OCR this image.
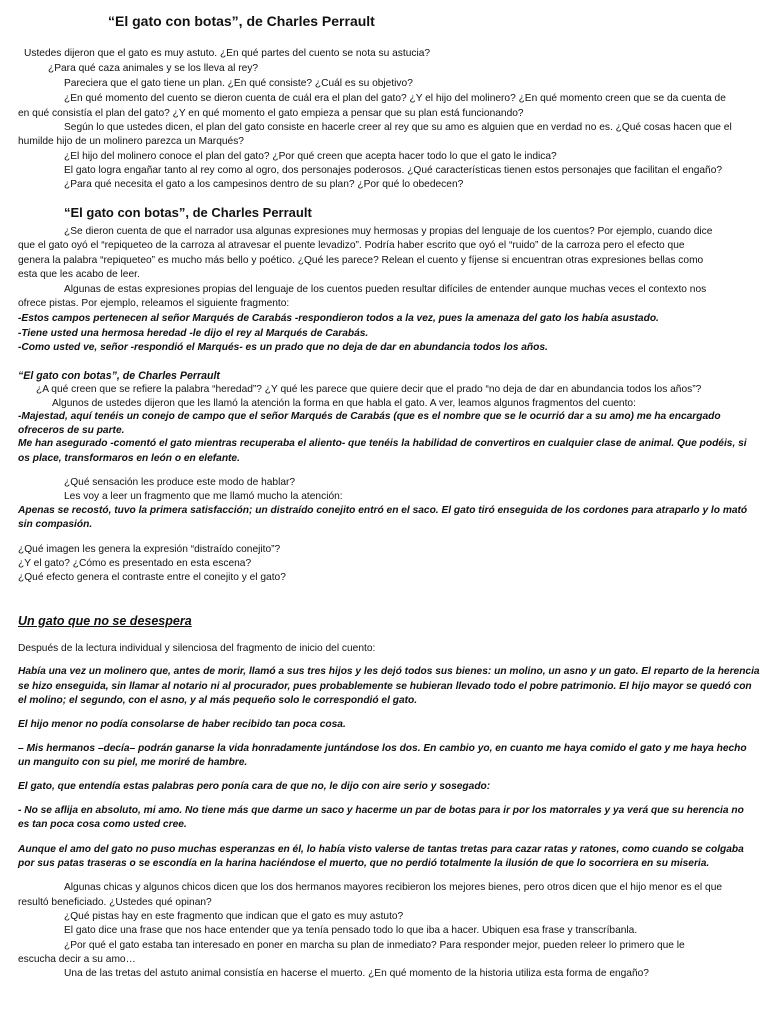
“El gato con botas”, de Charles Perrault
Ustedes dijeron que el gato es muy astuto. ¿En qué partes del cuento se nota su astucia?
¿Para qué caza animales y se los lleva al rey?
Pareciera que el gato tiene un plan. ¿En qué consiste? ¿Cuál es su objetivo?
¿En qué momento del cuento se dieron cuenta de cuál era el plan del gato? ¿Y el hijo del molinero? ¿En qué momento creen que se da cuenta de
en qué consistía el plan del gato? ¿Y en qué momento el gato empieza a pensar que su plan está funcionando?
Según lo que ustedes dicen, el plan del gato consiste en hacerle creer al rey que su amo es alguien que en verdad no es. ¿Qué cosas hacen que el
humilde hijo de un molinero parezca un Marqués?
¿El hijo del molinero conoce el plan del gato? ¿Por qué creen que acepta hacer todo lo que el gato le indica?
El gato logra engañar tanto al rey como al ogro, dos personajes poderosos. ¿Qué características tienen estos personajes que facilitan el engaño?
¿Para qué necesita el gato a los campesinos dentro de su plan? ¿Por qué lo obedecen?
“El gato con botas”, de Charles Perrault
¿Se dieron cuenta de que el narrador usa algunas expresiones muy hermosas y propias del lenguaje de los cuentos? Por ejemplo, cuando dice
que el gato oyó el “repiqueteo de la carroza al atravesar el puente levadizo”. Podría haber escrito que oyó el “ruido” de la carroza pero el efecto que
genera la palabra “repiqueteo” es mucho más bello y poético. ¿Qué les parece? Relean el cuento y fíjense si encuentran otras expresiones bellas como
esta que les acabo de leer.
Algunas de estas expresiones propias del lenguaje de los cuentos pueden resultar difíciles de entender aunque muchas veces el contexto nos
ofrece pistas. Por ejemplo, releamos el siguiente fragmento:
-Estos campos pertenecen al señor Marqués de Carabás -respondieron todos a la vez, pues la amenaza del gato los había asustado.
-Tiene usted una hermosa heredad -le dijo el rey al Marqués de Carabás.
-Como usted ve, señor -respondió el Marqués- es un prado que no deja de dar en abundancia todos los años.
“El gato con botas”, de Charles Perrault
¿A qué creen que se refiere la palabra “heredad”? ¿Y qué les parece que quiere decir que el prado “no deja de dar en abundancia todos los años”?
Algunos de ustedes dijeron que les llamó la atención la forma en que habla el gato. A ver, leamos algunos fragmentos del cuento:
-Majestad, aquí tenéis un conejo de campo que el señor Marqués de Carabás (que es el nombre que se le ocurrió dar a su amo) me ha encargado
ofreceros de su parte.
Me han asegurado -comentó el gato mientras recuperaba el aliento- que tenéis la habilidad de convertiros en cualquier clase de animal. Que podéis, si
os place, transformaros en león o en elefante.
¿Qué sensación les produce este modo de hablar?
Les voy a leer un fragmento que me llamó mucho la atención:
Apenas se recostó, tuvo la primera satisfacción; un distraído conejito entró en el saco. El gato tiró enseguida de los cordones para atraparlo y lo mató
sin compasión.
¿Qué imagen les genera la expresión “distraído conejito”?
¿Y el gato? ¿Cómo es presentado en esta escena?
¿Qué efecto genera el contraste entre el conejito y el gato?
Un gato que no se desespera
Después de la lectura individual y silenciosa del fragmento de inicio del cuento:
Había una vez un molinero que, antes de morir, llamó a sus tres hijos y les dejó todos sus bienes: un molino, un asno y un gato. El reparto de la herencia
se hizo enseguida, sin llamar al notario ni al procurador, pues probablemente se hubieran llevado todo el pobre patrimonio. El hijo mayor se quedó con
el molino; el segundo, con el asno, y al más pequeño solo le correspondió el gato.
El hijo menor no podía consolarse de haber recibido tan poca cosa.
– Mis hermanos –decía– podrán ganarse la vida honradamente juntándose los dos. En cambio yo, en cuanto me haya comido el gato y me haya hecho
un manguito con su piel, me moriré de hambre.
El gato, que entendía estas palabras pero ponía cara de que no, le dijo con aire serio y sosegado:
- No se aflija en absoluto, mi amo. No tiene más que darme un saco y hacerme un par de botas para ir por los matorrales y ya verá que su herencia no
es tan poca cosa como usted cree.
Aunque el amo del gato no puso muchas esperanzas en él, lo había visto valerse de tantas tretas para cazar ratas y ratones, como cuando se colgaba
por sus patas traseras o se escondía en la harina haciéndose el muerto, que no perdió totalmente la ilusión de que lo socorriera en su miseria.
Algunas chicas y algunos chicos dicen que los dos hermanos mayores recibieron los mejores bienes, pero otros dicen que el hijo menor es el que
resultó beneficiado. ¿Ustedes qué opinan?
¿Qué pistas hay en este fragmento que indican que el gato es muy astuto?
El gato dice una frase que nos hace entender que ya tenía pensado todo lo que iba a hacer. Ubiquen esa frase y transcríbanla.
¿Por qué el gato estaba tan interesado en poner en marcha su plan de inmediato? Para responder mejor, pueden releer lo primero que le
escucha decir a su amo…
Una de las tretas del astuto animal consistía en hacerse el muerto. ¿En qué momento de la historia utiliza esta forma de engaño?
